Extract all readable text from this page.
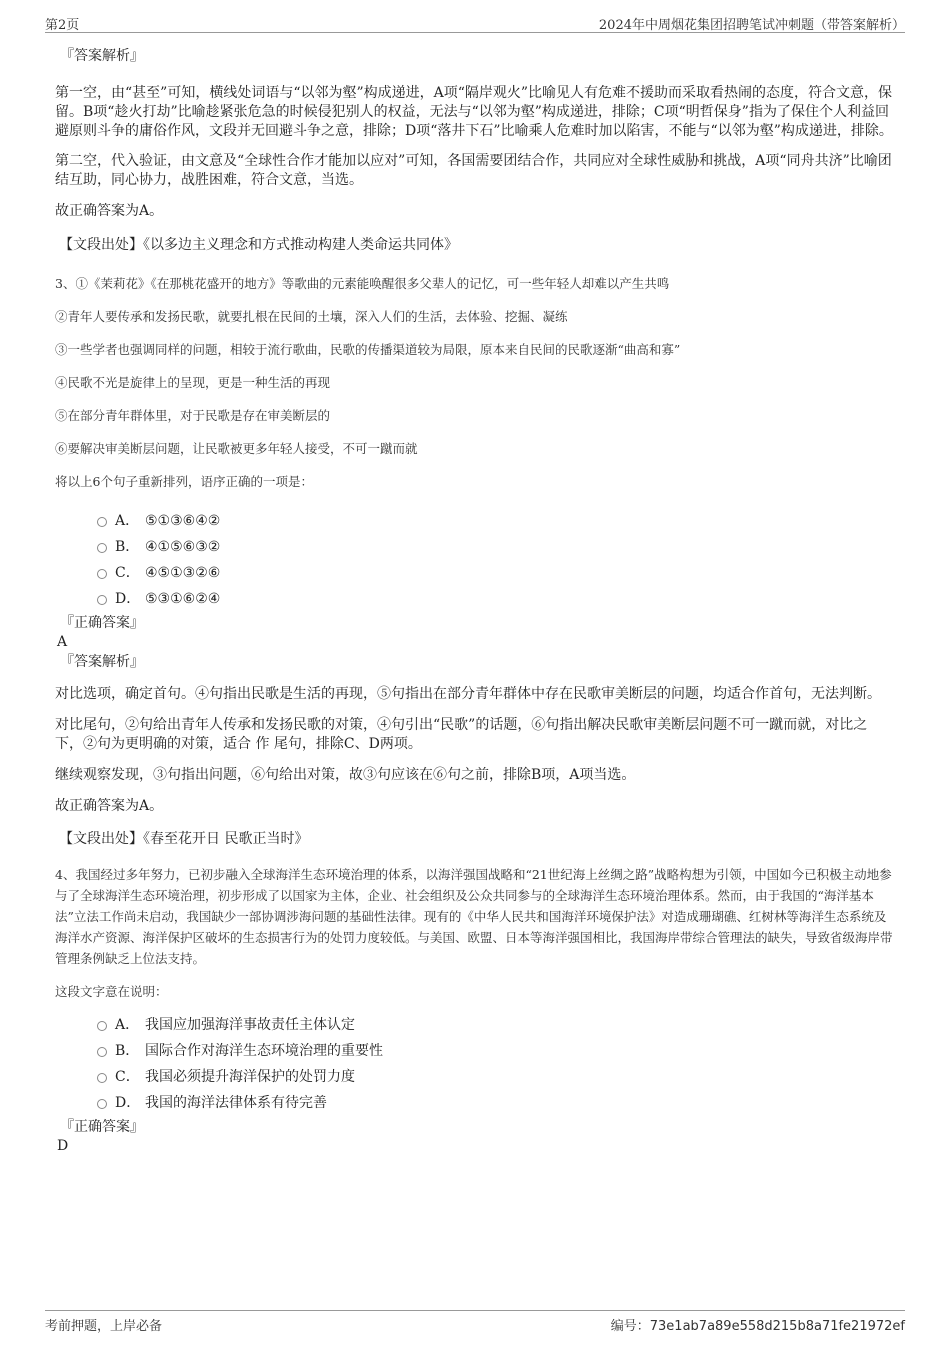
第2页	2024年中周烟花集团招聘笔试冲刺题（带答案解析）

『答案解析』

第一空，由“甚至”可知，横线处词语与“以邻为壑”构成递进，A项“隔岸观火”比喻见人有危难不援助而采取看热闹的态度，符合文意，保留。B项“趁火打劫”比喻趁紧张危急的时候侵犯别人的权益，无法与“以邻为壑”构成递进，排除；C项“明哲保身”指为了保住个人利益回避原则斗争的庸俗作风，文段并无回避斗争之意，排除；D项“落井下石”比喻乘人危难时加以陷害，不能与“以邻为壑”构成递进，排除。

第二空，代入验证，由文意及“全球性合作才能加以应对”可知，各国需要团结合作，共同应对全球性威胁和挑战，A项“同舟共济”比喻团结互助，同心协力，战胜困难，符合文意，当选。

故正确答案为A。

【文段出处】《以多边主义理念和方式推动构建人类命运共同体》

3、①《茉莉花》《在那桃花盛开的地方》等歌曲的元素能唤醒很多父辈人的记忆，可一些年轻人却难以产生共鸣

②青年人要传承和发扬民歌，就要扎根在民间的土壤，深入人们的生活，去体验、挖掘、凝练

③一些学者也强调同样的问题，相较于流行歌曲，民歌的传播渠道较为局限，原本来自民间的民歌逐渐“曲高和寡”

④民歌不光是旋律上的呈现，更是一种生活的再现

⑤在部分青年群体里，对于民歌是存在审美断层的

⑥要解决审美断层问题，让民歌被更多年轻人接受，不可一蹴而就

将以上6个句子重新排列，语序正确的一项是：

A． ⑤①③⑥④②
B． ④①⑤⑥③②
C． ④⑤①③②⑥
D． ⑤③①⑥②④

『正确答案』

A

『答案解析』

对比选项，确定首句。④句指出民歌是生活的再现，⑤句指出在部分青年群体中存在民歌审美断层的问题，均适合作首句，无法判断。

对比尾句，②句给出青年人传承和发扬民歌的对策，④句引出“民歌”的话题，⑥句指出解决民歌审美断层问题不可一蹴而就，对比之下，②句为更明确的对策，适合 作 尾句，排除C、D两项。

继续观察发现，③句指出问题，⑥句给出对策，故③句应该在⑥句之前，排除B项，A项当选。

故正确答案为A。

【文段出处】《春至花开日 民歌正当时》

4、我国经过多年努力，已初步融入全球海洋生态环境治理的体系，以海洋强国战略和“21世纪海上丝绸之路”战略构想为引领，中国如今已积极主动地参与了全球海洋生态环境治理，初步形成了以国家为主体，企业、社会组织及公众共同参与的全球海洋生态环境治理体系。然而，由于我国的“海洋基本法”立法工作尚未启动，我国缺少一部协调涉海问题的基础性法律。现有的《中华人民共和国海洋环境保护法》对造成珊瑚礁、红树林等海洋生态系统及海洋水产资源、海洋保护区破坏的生态损害行为的处罚力度较低。与美国、欧盟、日本等海洋强国相比，我国海岸带综合管理法的缺失，导致省级海岸带管理条例缺乏上位法支持。

这段文字意在说明：

A． 我国应加强海洋事故责任主体认定
B． 国际合作对海洋生态环境治理的重要性
C． 我国必须提升海洋保护的处罚力度
D． 我国的海洋法律体系有待完善

『正确答案』

D

考前押题，上岸必备	编号：73e1ab7a89e558d215b8a71fe21972ef
